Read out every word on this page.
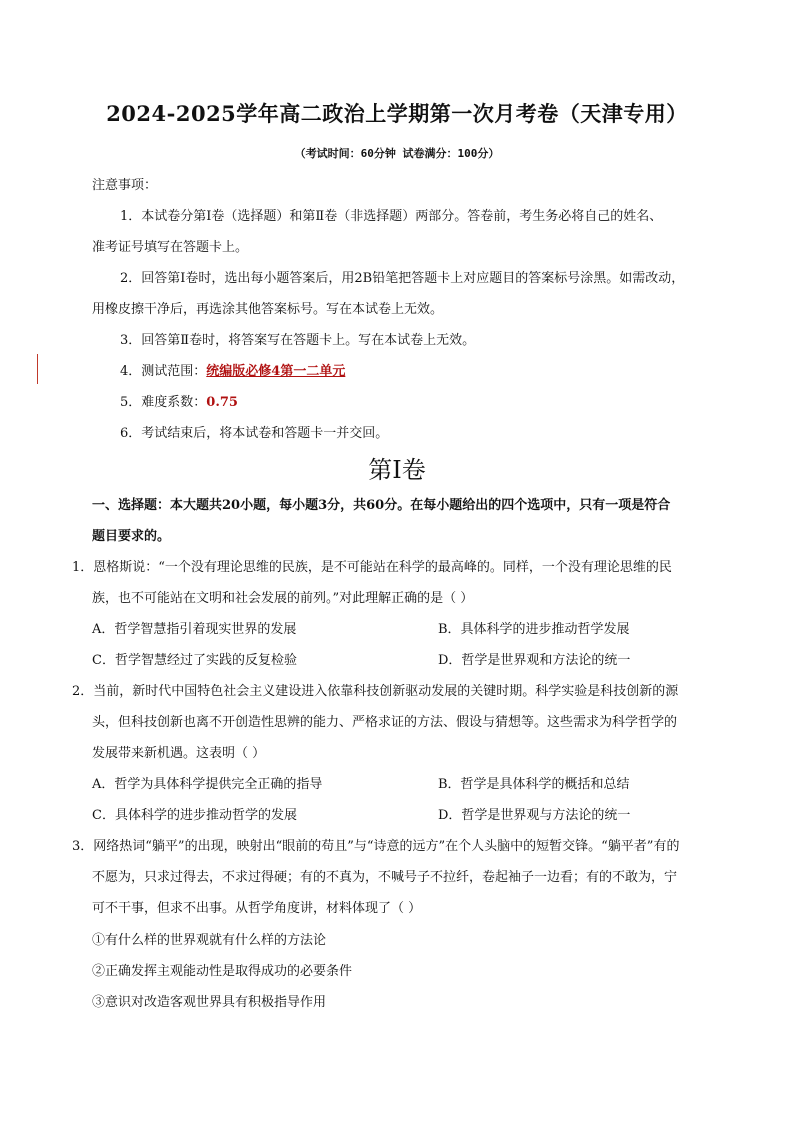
2024-2025学年高二政治上学期第一次月考卷（天津专用）
（考试时间：60分钟 试卷满分：100分）
注意事项：
1．本试卷分第Ⅰ卷（选择题）和第Ⅱ卷（非选择题）两部分。答卷前，考生务必将自己的姓名、
准考证号填写在答题卡上。
2．回答第Ⅰ卷时，选出每小题答案后，用2B铅笔把答题卡上对应题目的答案标号涂黑。如需改动，
用橡皮擦干净后，再选涂其他答案标号。写在本试卷上无效。
3．回答第Ⅱ卷时，将答案写在答题卡上。写在本试卷上无效。
4．测试范围：统编版必修4第一二单元
5．难度系数：0.75
6．考试结束后，将本试卷和答题卡一并交回。
第Ⅰ卷
一、选择题：本大题共20小题，每小题3分，共60分。在每小题给出的四个选项中，只有一项是符合
题目要求的。
1．恩格斯说：“一个没有理论思维的民族，是不可能站在科学的最高峰的。同样，一个没有理论思维的民
族，也不可能站在文明和社会发展的前列。”对此理解正确的是（ ）
A．哲学智慧指引着现实世界的发展	B．具体科学的进步推动哲学发展
C．哲学智慧经过了实践的反复检验	D．哲学是世界观和方法论的统一
2．当前，新时代中国特色社会主义建设进入依靠科技创新驱动发展的关键时期。科学实验是科技创新的源
头，但科技创新也离不开创造性思辨的能力、严格求证的方法、假设与猜想等。这些需求为科学哲学的
发展带来新机遇。这表明（ ）
A．哲学为具体科学提供完全正确的指导	B．哲学是具体科学的概括和总结
C．具体科学的进步推动哲学的发展	D．哲学是世界观与方法论的统一
3．网络热词“躺平”的出现，映射出“眼前的苟且”与“诗意的远方”在个人头脑中的短暂交锋。“躺平者”有的
不愿为，只求过得去，不求过得硬；有的不真为，不喊号子不拉纤，卷起袖子一边看；有的不敢为，宁
可不干事，但求不出事。从哲学角度讲，材料体现了（ ）
①有什么样的世界观就有什么样的方法论
②正确发挥主观能动性是取得成功的必要条件
③意识对改造客观世界具有积极指导作用
